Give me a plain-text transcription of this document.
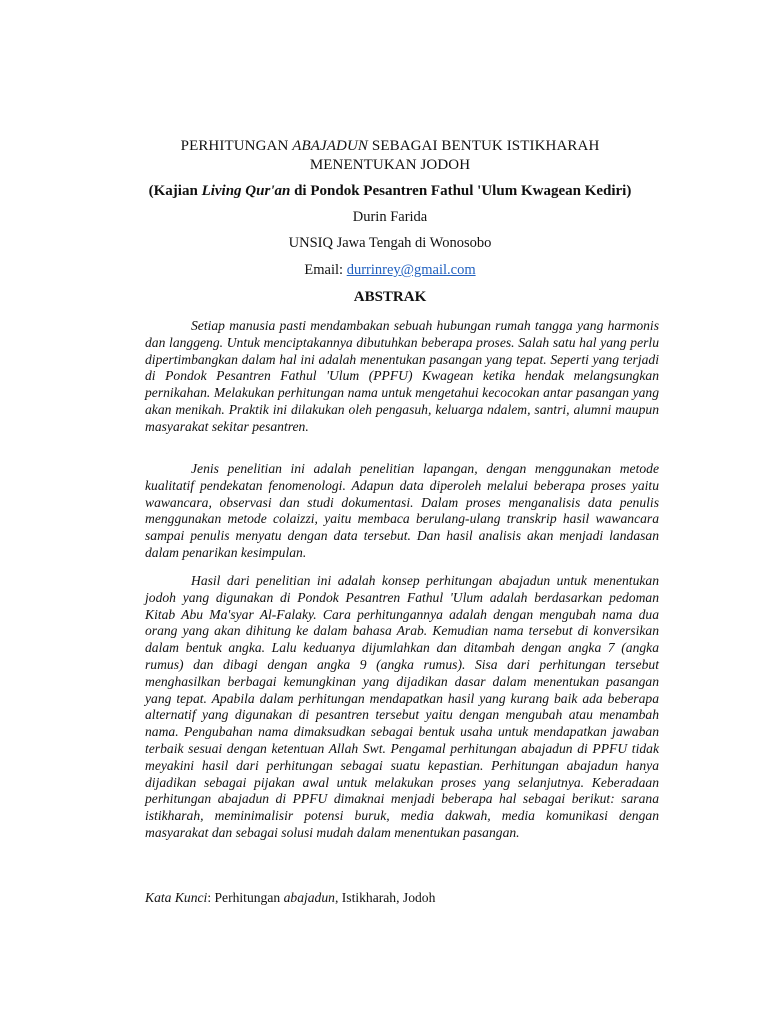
PERHITUNGAN ABAJADUN SEBAGAI BENTUK ISTIKHARAH
MENENTUKAN JODOH
(Kajian Living Qur'an di Pondok Pesantren Fathul 'Ulum Kwagean Kediri)
Durin Farida
UNSIQ Jawa Tengah di Wonosobo
Email: durrinrey@gmail.com
ABSTRAK

Setiap manusia pasti mendambakan sebuah hubungan rumah tangga yang harmonis dan langgeng. Untuk menciptakannya dibutuhkan beberapa proses. Salah satu hal yang perlu dipertimbangkan dalam hal ini adalah menentukan pasangan yang tepat. Seperti yang terjadi di Pondok Pesantren Fathul 'Ulum (PPFU) Kwagean ketika hendak melangsungkan pernikahan. Melakukan perhitungan nama untuk mengetahui kecocokan antar pasangan yang akan menikah. Praktik ini dilakukan oleh pengasuh, keluarga ndalem, santri, alumni maupun masyarakat sekitar pesantren.

Jenis penelitian ini adalah penelitian lapangan, dengan menggunakan metode kualitatif pendekatan fenomenologi. Adapun data diperoleh melalui beberapa proses yaitu wawancara, observasi dan studi dokumentasi. Dalam proses menganalisis data penulis menggunakan metode colaizzi, yaitu membaca berulang-ulang transkrip hasil wawancara sampai penulis menyatu dengan data tersebut. Dan hasil analisis akan menjadi landasan dalam penarikan kesimpulan.

Hasil dari penelitian ini adalah konsep perhitungan abajadun untuk menentukan jodoh yang digunakan di Pondok Pesantren Fathul 'Ulum adalah berdasarkan pedoman Kitab Abu Ma'syar Al-Falaky. Cara perhitungannya adalah dengan mengubah nama dua orang yang akan dihitung ke dalam bahasa Arab. Kemudian nama tersebut di konversikan dalam bentuk angka. Lalu keduanya dijumlahkan dan ditambah dengan angka 7 (angka rumus) dan dibagi dengan angka 9 (angka rumus). Sisa dari perhitungan tersebut menghasilkan berbagai kemungkinan yang dijadikan dasar dalam menentukan pasangan yang tepat. Apabila dalam perhitungan mendapatkan hasil yang kurang baik ada beberapa alternatif yang digunakan di pesantren tersebut yaitu dengan mengubah atau menambah nama. Pengubahan nama dimaksudkan sebagai bentuk usaha untuk mendapatkan jawaban terbaik sesuai dengan ketentuan Allah Swt. Pengamal perhitungan abajadun di PPFU tidak meyakini hasil dari perhitungan sebagai suatu kepastian. Perhitungan abajadun hanya dijadikan sebagai pijakan awal untuk melakukan proses yang selanjutnya. Keberadaan perhitungan abajadun di PPFU dimaknai menjadi beberapa hal sebagai berikut: sarana istikharah, meminimalisir potensi buruk, media dakwah, media komunikasi dengan masyarakat dan sebagai solusi mudah dalam menentukan pasangan.

Kata Kunci: Perhitungan abajadun, Istikharah, Jodoh
